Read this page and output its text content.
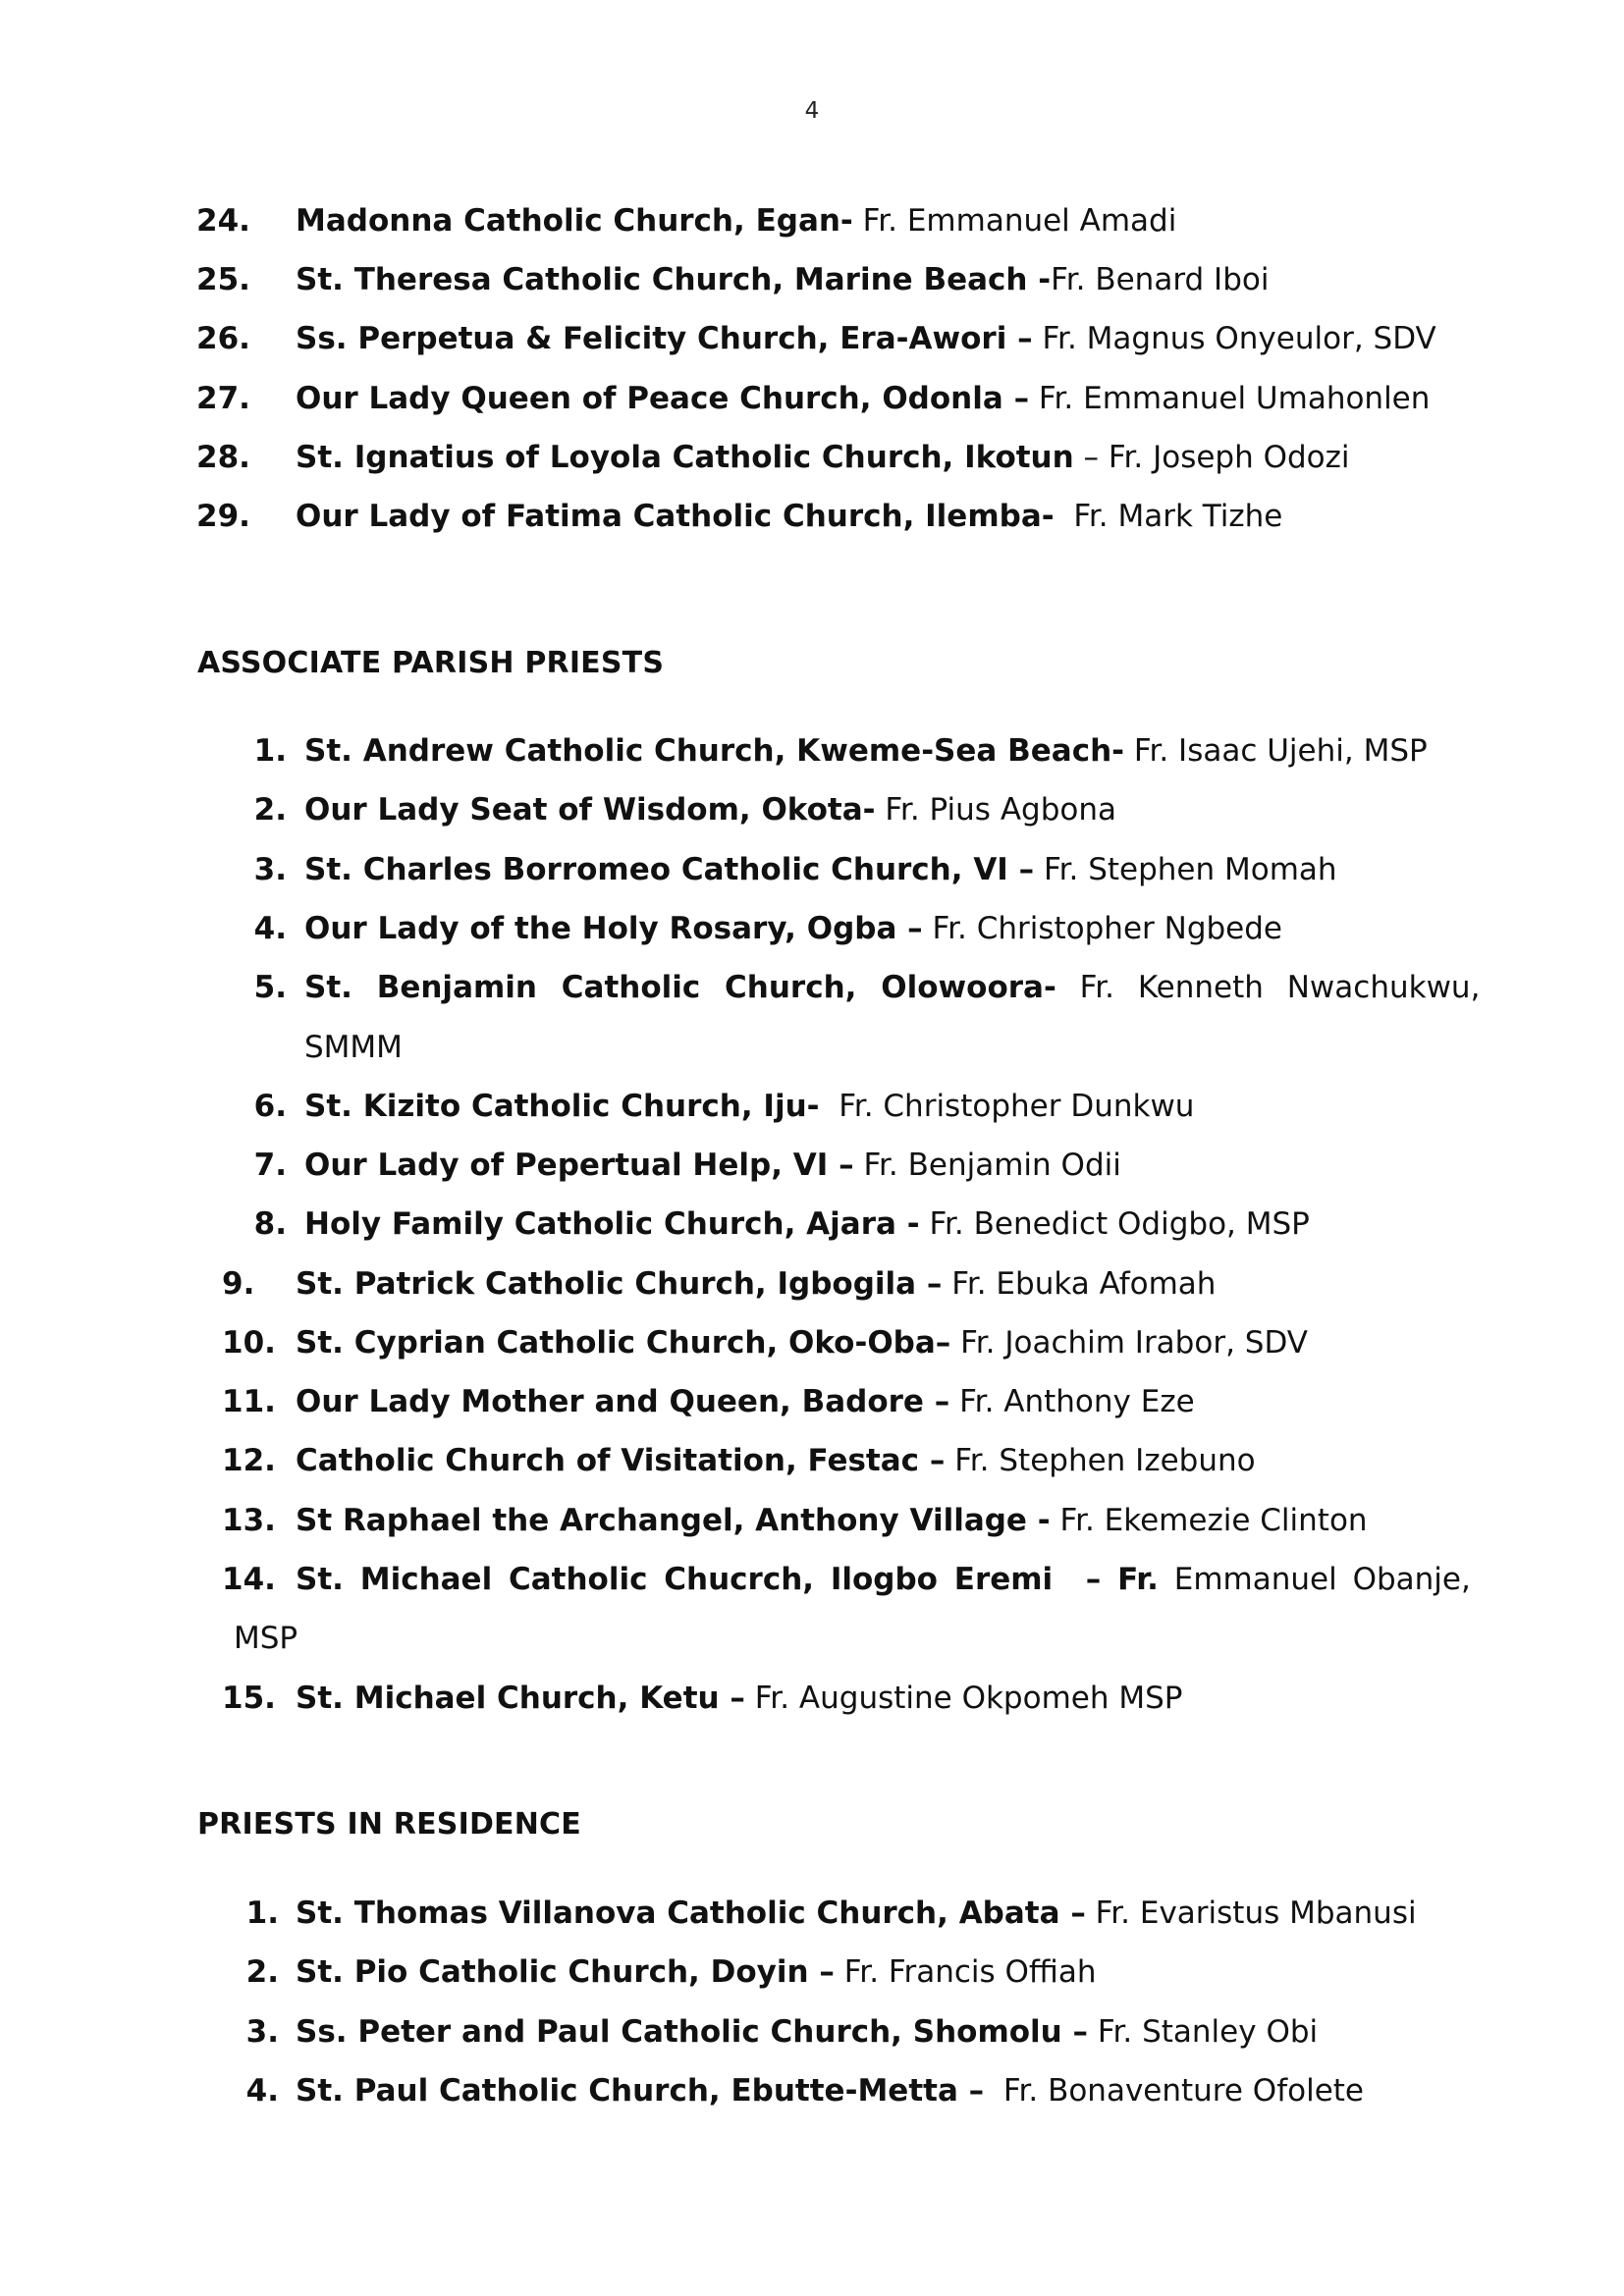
4
24.	Madonna Catholic Church, Egan- Fr. Emmanuel Amadi
25.	St. Theresa Catholic Church, Marine Beach -Fr. Benard Iboi
26.	Ss. Perpetua & Felicity Church, Era-Awori – Fr. Magnus Onyeulor, SDV
27.	Our Lady Queen of Peace Church, Odonla – Fr. Emmanuel Umahonlen
28.	St. Ignatius of Loyola Catholic Church, Ikotun – Fr. Joseph Odozi
29.	Our Lady of Fatima Catholic Church, Ilemba-  Fr. Mark Tizhe
ASSOCIATE PARISH PRIESTS
1. St. Andrew Catholic Church, Kweme-Sea Beach- Fr. Isaac Ujehi, MSP
2. Our Lady Seat of Wisdom, Okota- Fr. Pius Agbona
3. St. Charles Borromeo Catholic Church, VI – Fr. Stephen Momah
4. Our Lady of the Holy Rosary, Ogba – Fr. Christopher Ngbede
5. St. Benjamin Catholic Church, Olowoora- Fr. Kenneth Nwachukwu,
SMMM
6. St. Kizito Catholic Church, Iju-  Fr. Christopher Dunkwu
7. Our Lady of Pepertual Help, VI – Fr. Benjamin Odii
8. Holy Family Catholic Church, Ajara - Fr. Benedict Odigbo, MSP
9.	St. Patrick Catholic Church, Igbogila – Fr. Ebuka Afomah
10. St. Cyprian Catholic Church, Oko-Oba– Fr. Joachim Irabor, SDV
11. Our Lady Mother and Queen, Badore – Fr. Anthony Eze
12. Catholic Church of Visitation, Festac – Fr. Stephen Izebuno
13. St Raphael the Archangel, Anthony Village - Fr. Ekemezie Clinton
14. St. Michael Catholic Chucrch, Ilogbo Eremi  – Fr. Emmanuel Obanje,
MSP
15. St. Michael Church, Ketu – Fr. Augustine Okpomeh MSP
PRIESTS IN RESIDENCE
1. St. Thomas Villanova Catholic Church, Abata – Fr. Evaristus Mbanusi
2. St. Pio Catholic Church, Doyin – Fr. Francis Offiah
3. Ss. Peter and Paul Catholic Church, Shomolu – Fr. Stanley Obi
4. St. Paul Catholic Church, Ebutte-Metta –  Fr. Bonaventure Ofolete
